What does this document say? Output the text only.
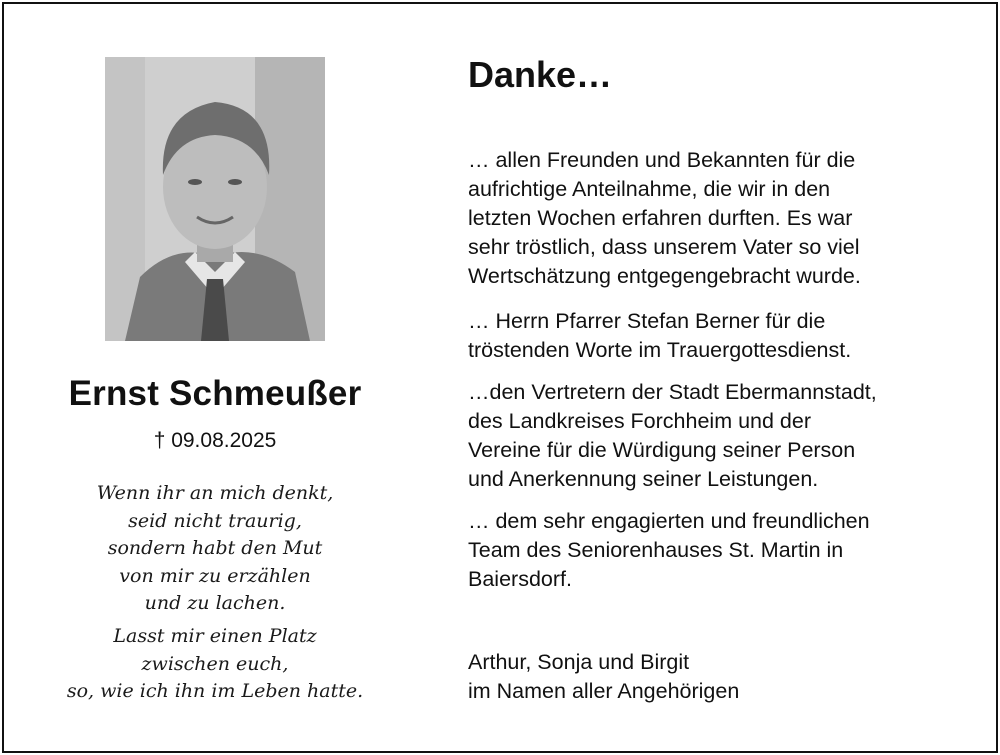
Ernst Schmeußer
† 09.08.2025
Wenn ihr an mich denkt,
seid nicht traurig,
sondern habt den Mut
von mir zu erzählen
und zu lachen.
Lasst mir einen Platz
zwischen euch,
so, wie ich ihn im Leben hatte.
Danke…
… allen Freunden und Bekannten für die
aufrichtige Anteilnahme, die wir in den
letzten Wochen erfahren durften. Es war
sehr tröstlich, dass unserem Vater so viel
Wertschätzung entgegengebracht wurde.
… Herrn Pfarrer Stefan Berner für die
tröstenden Worte im Trauergottesdienst.
…den Vertretern der Stadt Ebermannstadt,
des Landkreises Forchheim und der
Vereine für die Würdigung seiner Person
und Anerkennung seiner Leistungen.
… dem sehr engagierten und freundlichen
Team des Seniorenhauses St. Martin in
Baiersdorf.
Arthur, Sonja und Birgit
im Namen aller Angehörigen
